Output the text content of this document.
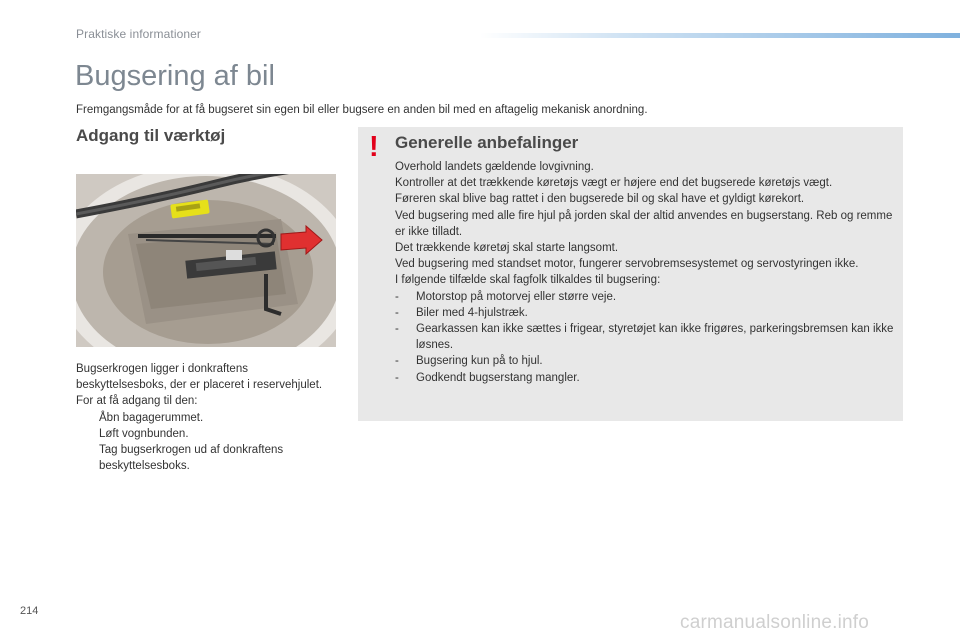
Praktiske informationer
Bugsering af bil
Fremgangsmåde for at få bugseret sin egen bil eller bugsere en anden bil med en aftagelig mekanisk anordning.
Adgang til værktøj

Bugserkrogen ligger i donkraftens beskyttelsesboks, der er placeret i reservehjulet.

For at få adgang til den:

Åbn bagagerummet.
Løft vognbunden.
Tag bugserkrogen ud af donkraftens beskyttelsesboks.
! Generelle anbefalinger

Overhold landets gældende lovgivning.

Kontroller at det trækkende køretøjs vægt er højere end det bugserede køretøjs vægt.

Føreren skal blive bag rattet i den bugserede bil og skal have et gyldigt kørekort.

Ved bugsering med alle fire hjul på jorden skal der altid anvendes en bugserstang. Reb og remme er ikke tilladt.

Det trækkende køretøj skal starte langsomt.

Ved bugsering med standset motor, fungerer servobremsesystemet og servostyringen ikke.

I følgende tilfælde skal fagfolk tilkaldes til bugsering:

- Motorstop på motorvej eller større veje.
- Biler med 4-hjulstræk.
- Gearkassen kan ikke sættes i frigear, styretøjet kan ikke frigøres, parkeringsbremsen kan ikke løsnes.
- Bugsering kun på to hjul.
- Godkendt bugserstang mangler.
214
carmanualsonline.info
